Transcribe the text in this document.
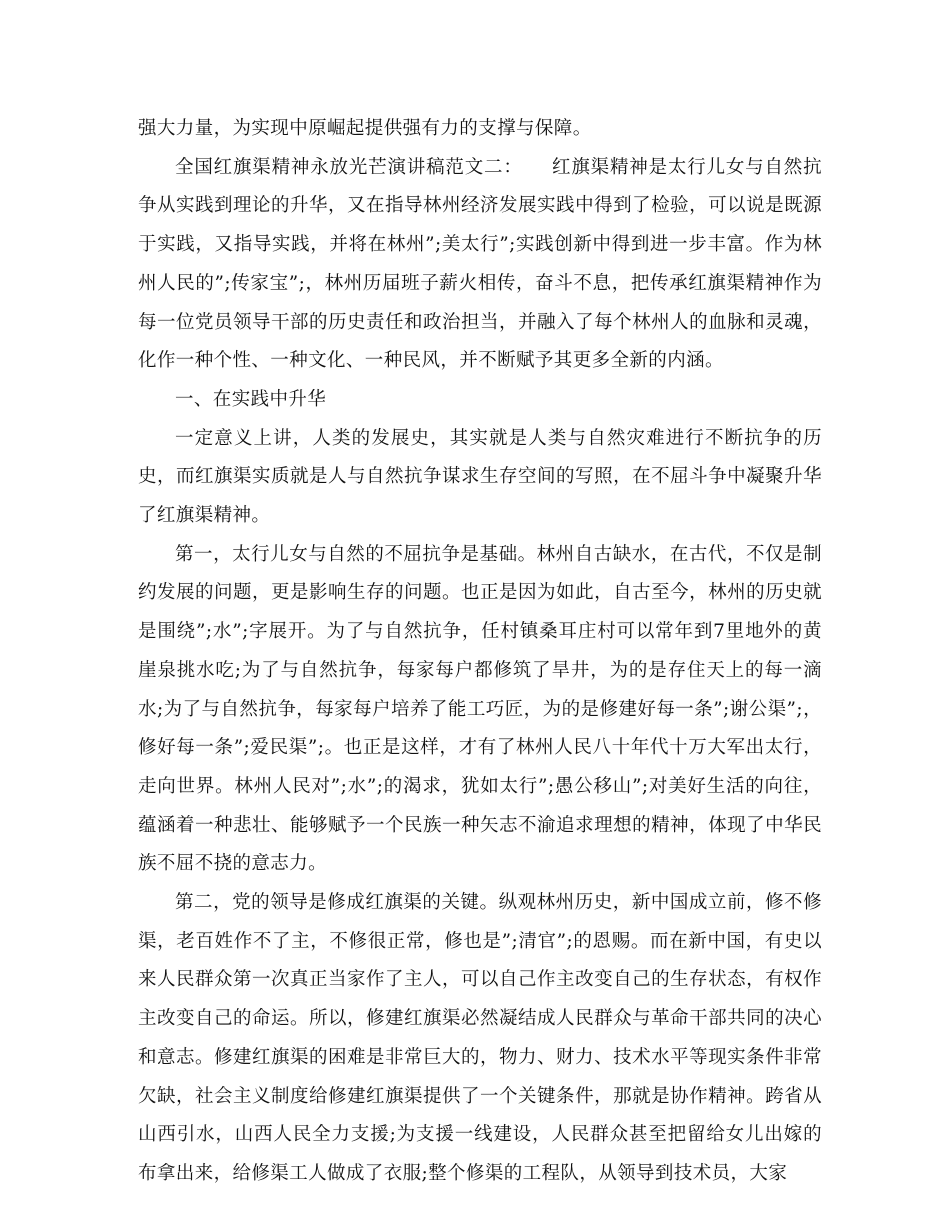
强大力量，为实现中原崛起提供强有力的支撑与保障。

全国红旗渠精神永放光芒演讲稿范文二：　　红旗渠精神是太行儿女与自然抗争从实践到理论的升华，又在指导林州经济发展实践中得到了检验，可以说是既源于实践，又指导实践，并将在林州”;美太行”;实践创新中得到进一步丰富。作为林州人民的”;传家宝”;，林州历届班子薪火相传，奋斗不息，把传承红旗渠精神作为每一位党员领导干部的历史责任和政治担当，并融入了每个林州人的血脉和灵魂，化作一种个性、一种文化、一种民风，并不断赋予其更多全新的内涵。

一、在实践中升华

一定意义上讲，人类的发展史，其实就是人类与自然灾难进行不断抗争的历史，而红旗渠实质就是人与自然抗争谋求生存空间的写照，在不屈斗争中凝聚升华了红旗渠精神。

第一，太行儿女与自然的不屈抗争是基础。林州自古缺水，在古代，不仅是制约发展的问题，更是影响生存的问题。也正是因为如此，自古至今，林州的历史就是围绕”;水”;字展开。为了与自然抗争，任村镇桑耳庄村可以常年到7里地外的黄崖泉挑水吃;为了与自然抗争，每家每户都修筑了旱井，为的是存住天上的每一滴水;为了与自然抗争，每家每户培养了能工巧匠，为的是修建好每一条”;谢公渠”;，修好每一条”;爱民渠”;。也正是这样，才有了林州人民八十年代十万大军出太行，走向世界。林州人民对”;水”;的渴求，犹如太行”;愚公移山”;对美好生活的向往，蕴涵着一种悲壮、能够赋予一个民族一种矢志不渝追求理想的精神，体现了中华民族不屈不挠的意志力。

第二，党的领导是修成红旗渠的关键。纵观林州历史，新中国成立前，修不修渠，老百姓作不了主，不修很正常，修也是”;清官”;的恩赐。而在新中国，有史以来人民群众第一次真正当家作了主人，可以自己作主改变自己的生存状态，有权作主改变自己的命运。所以，修建红旗渠必然凝结成人民群众与革命干部共同的决心和意志。修建红旗渠的困难是非常巨大的，物力、财力、技术水平等现实条件非常欠缺，社会主义制度给修建红旗渠提供了一个关键条件，那就是协作精神。跨省从山西引水，山西人民全力支援;为支援一线建设，人民群众甚至把留给女儿出嫁的布拿出来，给修渠工人做成了衣服;整个修渠的工程队，从领导到技术员，大家
